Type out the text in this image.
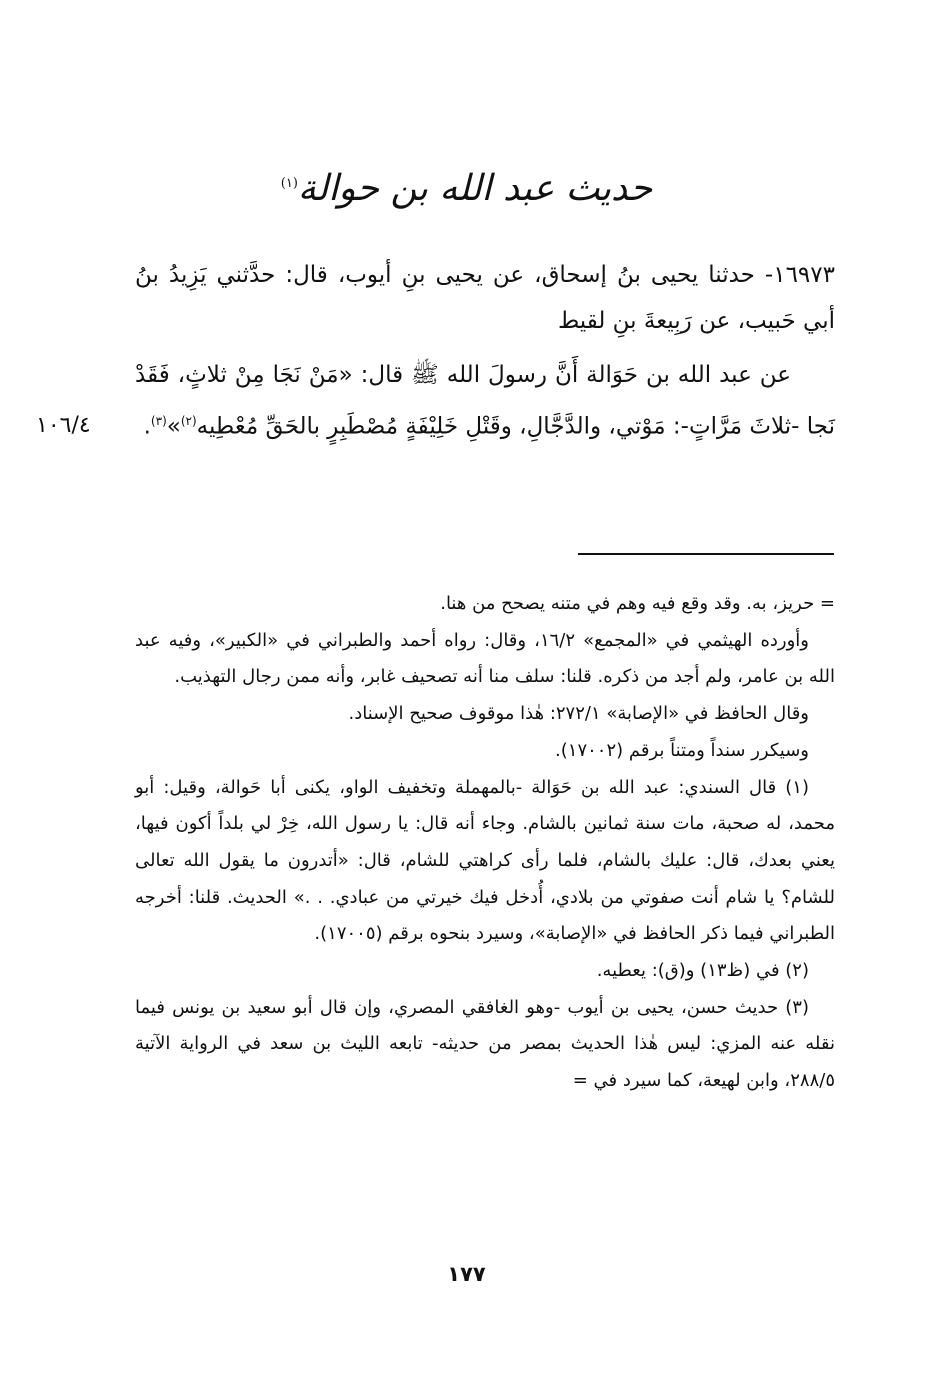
حديث عبد الله بن حوالة$^{(١)}$

١٦٩٧٣- حدثنا يحيى بنُ إسحاق، عن يحيى بنِ أيوب، قال: حدَّثني يَزِيدُ بنُ أبي حَبيب، عن رَبِيعةَ بنِ لقيط

عن عبد الله بن حَوَالة أَنَّ رسولَ الله ﷺ قال: «مَنْ نَجَا مِنْ ثلاثٍ، فَقَدْ نَجا -ثلاثَ مَرَّاتٍ-: مَوْتي، والدَّجَّالِ، وقَتْلِ خَلِيْفَةٍ مُصْطَبِرٍ بالحَقِّ مُعْطِيه$^{(٢)}$»$^{(٣)}$.

١٠٦/٤

= حريز، به. وقد وقع فيه وهم في متنه يصحح من هنا.

وأورده الهيثمي في «المجمع» ١٦/٢، وقال: رواه أحمد والطبراني في «الكبير»، وفيه عبد الله بن عامر، ولم أجد من ذكره. قلنا: سلف منا أنه تصحيف غابر، وأنه ممن رجال التهذيب.

وقال الحافظ في «الإصابة» ٢٧٢/١: هٰذا موقوف صحيح الإسناد.

وسيكرر سنداً ومتناً برقم (١٧٠٠٢).

(١) قال السندي: عبد الله بن حَوَالة -بالمهملة وتخفيف الواو، يكنى أبا حَوالة، وقيل: أبو محمد، له صحبة، مات سنة ثمانين بالشام. وجاء أنه قال: يا رسول الله، خِرْ لي بلداً أكون فيها، يعني بعدك، قال: عليك بالشام، فلما رأى كراهتي للشام، قال: «أتدرون ما يقول الله تعالى للشام؟ يا شام أنت صفوتي من بلادي، أُدخل فيك خيرتي من عبادي. . .» الحديث. قلنا: أخرجه الطبراني فيما ذكر الحافظ في «الإصابة»، وسيرد بنحوه برقم (١٧٠٠٥).

(٢) في (ظ١٣) و(ق): يعطيه.

(٣) حديث حسن، يحيى بن أيوب -وهو الغافقي المصري، وإن قال أبو سعيد بن يونس فيما نقله عنه المزي: ليس هٰذا الحديث بمصر من حديثه- تابعه الليث بن سعد في الرواية الآتية ٢٨٨/٥، وابن لهيعة، كما سيرد في =

١٧٧
